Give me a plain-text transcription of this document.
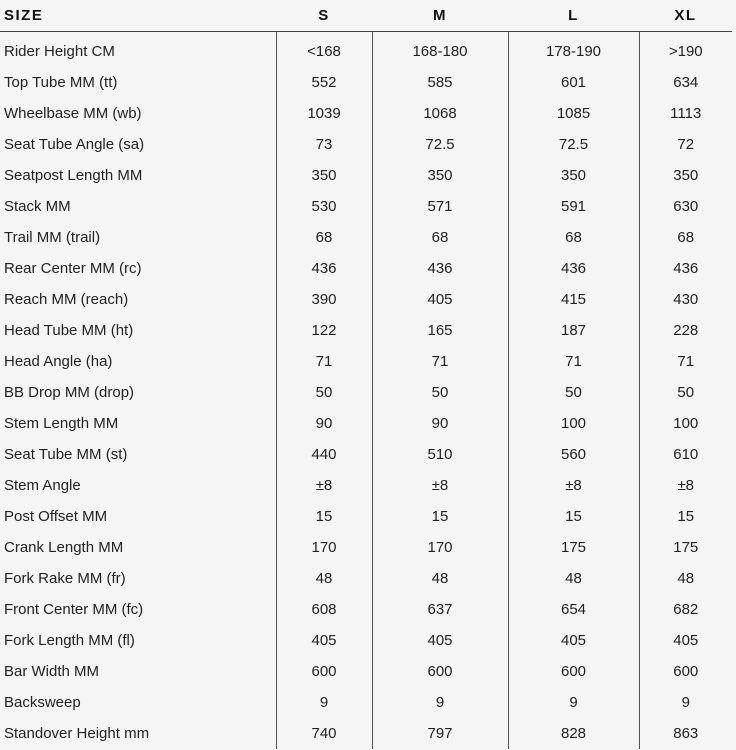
SIZE	S	M	L	XL
Rider Height CM	<168	168-180	178-190	>190
Top Tube MM (tt)	552	585	601	634
Wheelbase MM (wb)	1039	1068	1085	1113
Seat Tube Angle (sa)	73	72.5	72.5	72
Seatpost Length MM	350	350	350	350
Stack MM	530	571	591	630
Trail MM (trail)	68	68	68	68
Rear Center MM (rc)	436	436	436	436
Reach MM (reach)	390	405	415	430
Head Tube MM (ht)	122	165	187	228
Head Angle (ha)	71	71	71	71
BB Drop MM (drop)	50	50	50	50
Stem Length MM	90	90	100	100
Seat Tube MM (st)	440	510	560	610
Stem Angle	±8	±8	±8	±8
Post Offset MM	15	15	15	15
Crank Length MM	170	170	175	175
Fork Rake MM (fr)	48	48	48	48
Front Center MM (fc)	608	637	654	682
Fork Length MM (fl)	405	405	405	405
Bar Width MM	600	600	600	600
Backsweep	9	9	9	9
Standover Height mm	740	797	828	863
